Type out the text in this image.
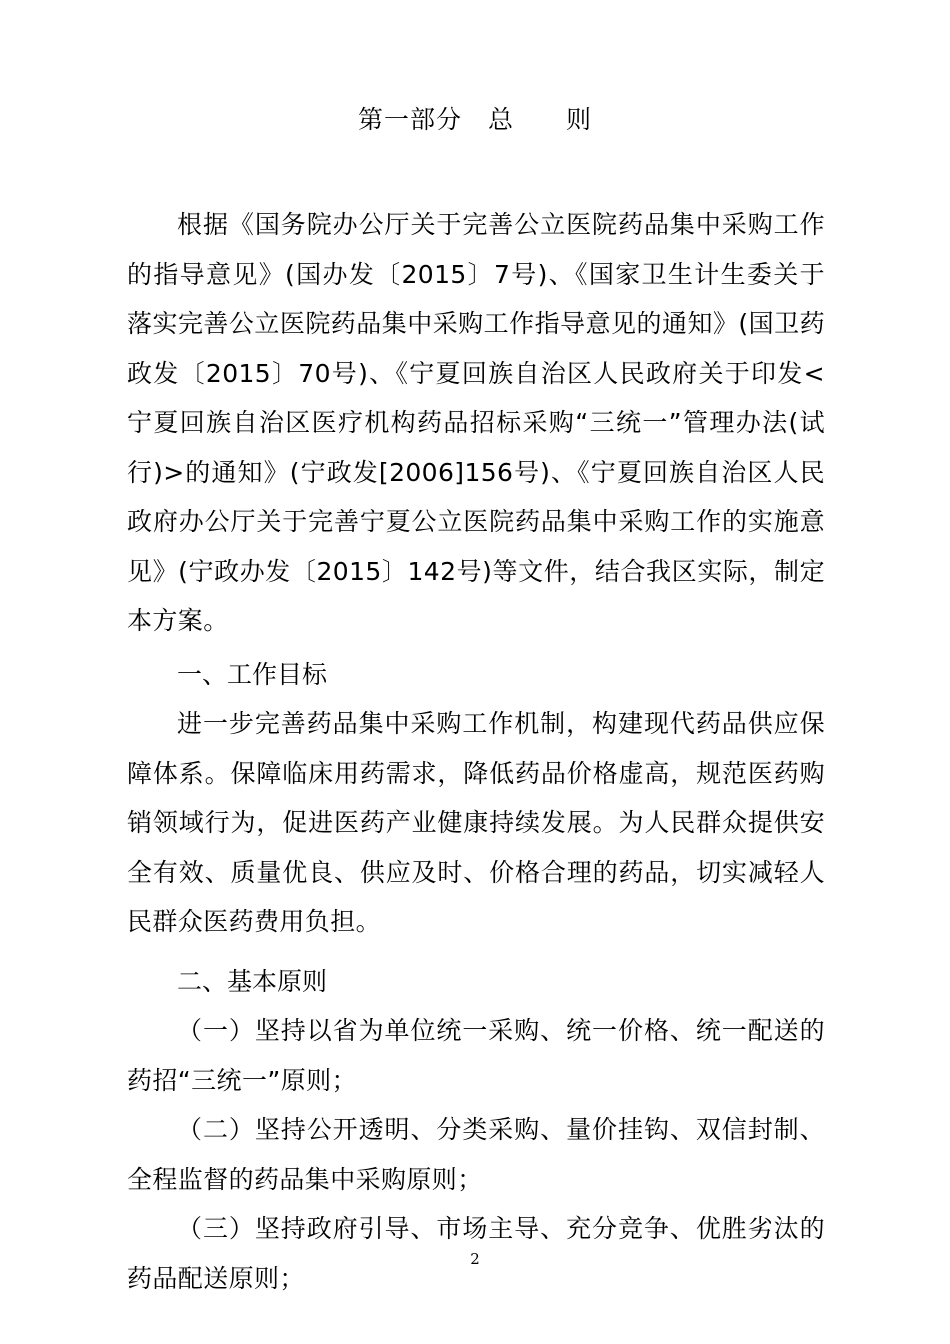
第一部分　总　　则

根据《国务院办公厅关于完善公立医院药品集中采购工作的指导意见》(国办发〔2015〕7号)、《国家卫生计生委关于落实完善公立医院药品集中采购工作指导意见的通知》(国卫药政发〔2015〕70号)、《宁夏回族自治区人民政府关于印发<宁夏回族自治区医疗机构药品招标采购“三统一”管理办法(试行)>的通知》(宁政发[2006]156号)、《宁夏回族自治区人民政府办公厅关于完善宁夏公立医院药品集中采购工作的实施意见》(宁政办发〔2015〕142号)等文件，结合我区实际，制定本方案。

一、工作目标

进一步完善药品集中采购工作机制，构建现代药品供应保障体系。保障临床用药需求，降低药品价格虚高，规范医药购销领域行为，促进医药产业健康持续发展。为人民群众提供安全有效、质量优良、供应及时、价格合理的药品，切实减轻人民群众医药费用负担。

二、基本原则

（一）坚持以省为单位统一采购、统一价格、统一配送的药招“三统一”原则；

（二）坚持公开透明、分类采购、量价挂钩、双信封制、全程监督的药品集中采购原则；

（三）坚持政府引导、市场主导、充分竞争、优胜劣汰的药品配送原则；

2
